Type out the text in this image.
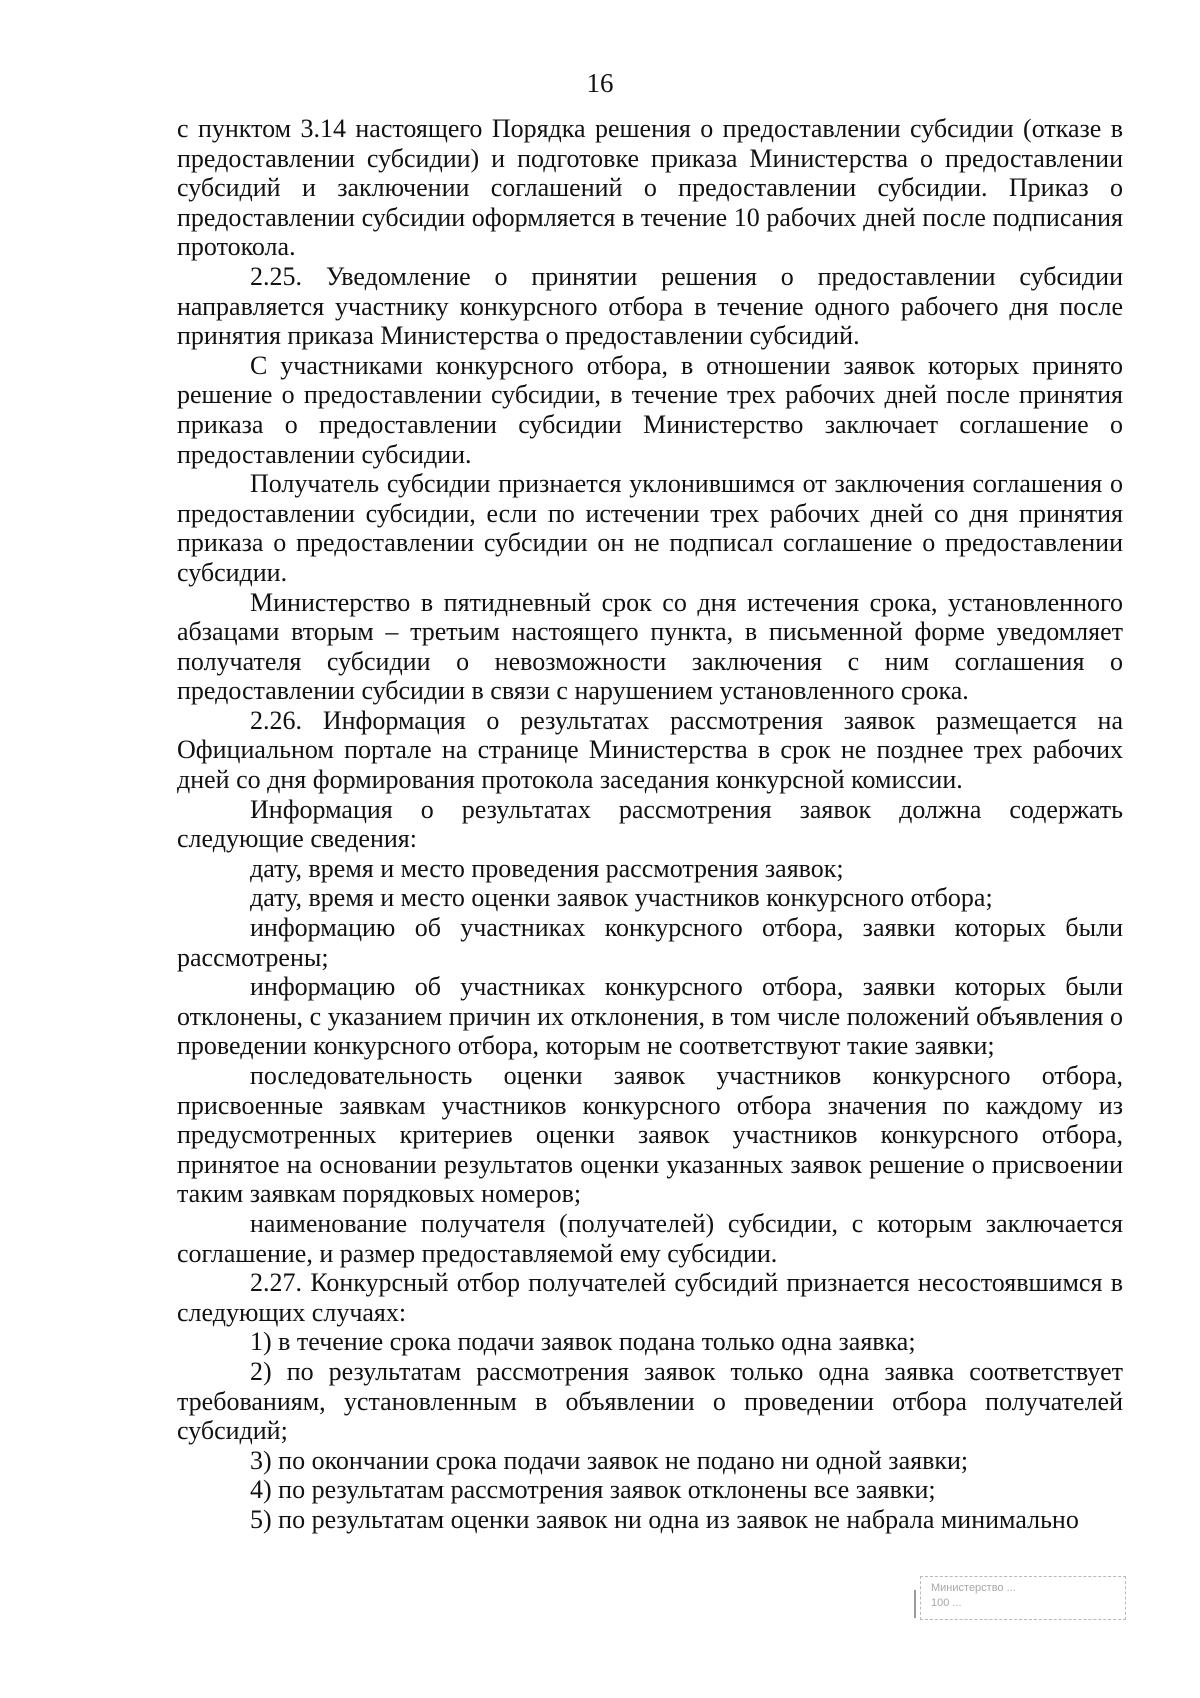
16

с пунктом 3.14 настоящего Порядка решения о предоставлении субсидии (отказе в предоставлении субсидии) и подготовке приказа Министерства о предоставлении субсидий и заключении соглашений о предоставлении субсидии. Приказ о предоставлении субсидии оформляется в течение 10 рабочих дней после подписания протокола.

2.25. Уведомление о принятии решения о предоставлении субсидии направляется участнику конкурсного отбора в течение одного рабочего дня после принятия приказа Министерства о предоставлении субсидий.

С участниками конкурсного отбора, в отношении заявок которых принято решение о предоставлении субсидии, в течение трех рабочих дней после принятия приказа о предоставлении субсидии Министерство заключает соглашение о предоставлении субсидии.

Получатель субсидии признается уклонившимся от заключения соглашения о предоставлении субсидии, если по истечении трех рабочих дней со дня принятия приказа о предоставлении субсидии он не подписал соглашение о предоставлении субсидии.

Министерство в пятидневный срок со дня истечения срока, установленного абзацами вторым – третьим настоящего пункта, в письменной форме уведомляет получателя субсидии о невозможности заключения с ним соглашения о предоставлении субсидии в связи с нарушением установленного срока.

2.26. Информация о результатах рассмотрения заявок размещается на Официальном портале на странице Министерства в срок не позднее трех рабочих дней со дня формирования протокола заседания конкурсной комиссии.

Информация о результатах рассмотрения заявок должна содержать следующие сведения:

дату, время и место проведения рассмотрения заявок;

дату, время и место оценки заявок участников конкурсного отбора;

информацию об участниках конкурсного отбора, заявки которых были рассмотрены;

информацию об участниках конкурсного отбора, заявки которых были отклонены, с указанием причин их отклонения, в том числе положений объявления о проведении конкурсного отбора, которым не соответствуют такие заявки;

последовательность оценки заявок участников конкурсного отбора, присвоенные заявкам участников конкурсного отбора значения по каждому из предусмотренных критериев оценки заявок участников конкурсного отбора, принятое на основании результатов оценки указанных заявок решение о присвоении таким заявкам порядковых номеров;

наименование получателя (получателей) субсидии, с которым заключается соглашение, и размер предоставляемой ему субсидии.

2.27. Конкурсный отбор получателей субсидий признается несостоявшимся в следующих случаях:

1) в течение срока подачи заявок подана только одна заявка;

2) по результатам рассмотрения заявок только одна заявка соответствует требованиям, установленным в объявлении о проведении отбора получателей субсидий;

3) по окончании срока подачи заявок не подано ни одной заявки;

4) по результатам рассмотрения заявок отклонены все заявки;

5) по результатам оценки заявок ни одна из заявок не набрала минимально

Министерство ...
100 ...
